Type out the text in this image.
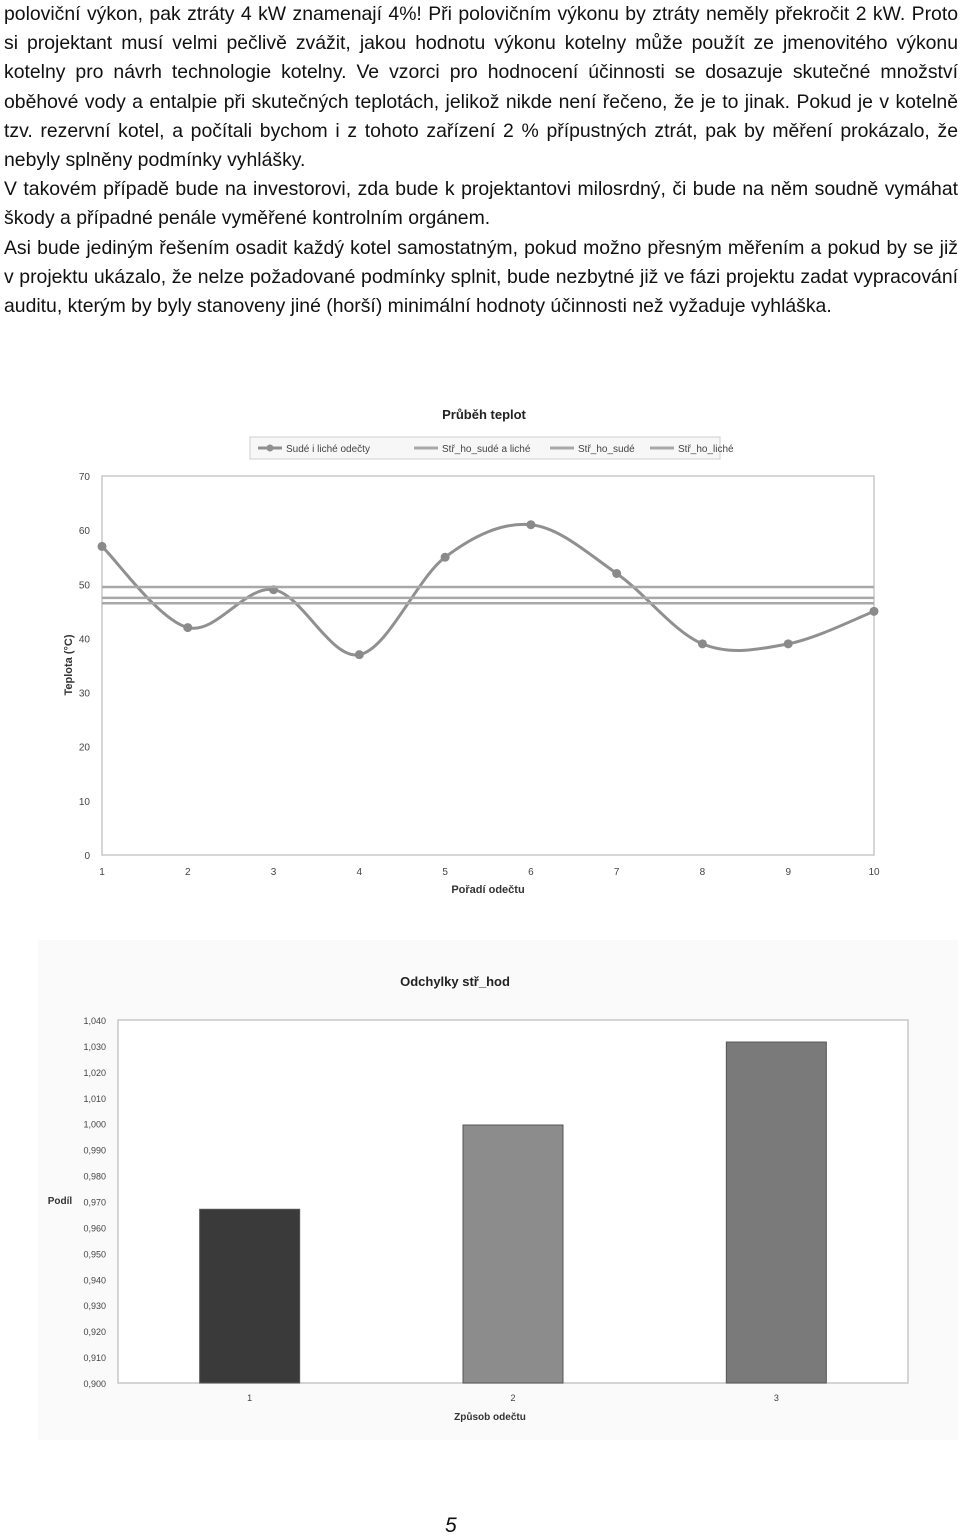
poloviční výkon, pak ztráty 4 kW znamenají 4%! Při polovičním výkonu by ztráty neměly překročit 2 kW. Proto si projektant musí velmi pečlivě zvážit, jakou hodnotu výkonu kotelny může použít ze jmenovitého výkonu kotelny pro návrh technologie kotelny. Ve vzorci pro hodnocení účinnosti se dosazuje skutečné množství oběhové vody a entalpie při skutečných teplotách, jelikož nikde není řečeno, že je to jinak. Pokud je v kotelně tzv. rezervní kotel, a počítali bychom i z tohoto zařízení 2 % přípustných ztrát, pak by měření prokázalo, že nebyly splněny podmínky vyhlášky.

V takovém případě bude na investorovi, zda bude k projektantovi milosrdný, či bude na něm soudně vymáhat škody a případné penále vyměřené kontrolním orgánem.

Asi bude jediným řešením osadit každý kotel samostatným, pokud možno přesným měřením a pokud by se již v projektu ukázalo, že nelze požadované podmínky splnit, bude nezbytné již ve fázi projektu zadat vypracování auditu, kterým by byly stanoveny jiné (horší) minimální hodnoty účinnosti než vyžaduje vyhláška.

Průběh teplot
Sudé i liché odečty	Stř_ho_sudé a liché	Stř_ho_sudé	Stř_ho_liché
0
10
20
30
40
50
60
70
1	2	3	4	5	6	7	8	9	10
Pořadí odečtu
Teplota (°C)
Odchylky stř_hod
0,900
0,910
0,920
0,930
0,940
0,950
0,960
0,970
0,980
0,990
1,000
1,010
1,020
1,030
1,040
1	2	3
Způsob odečtu
Podíl
5
